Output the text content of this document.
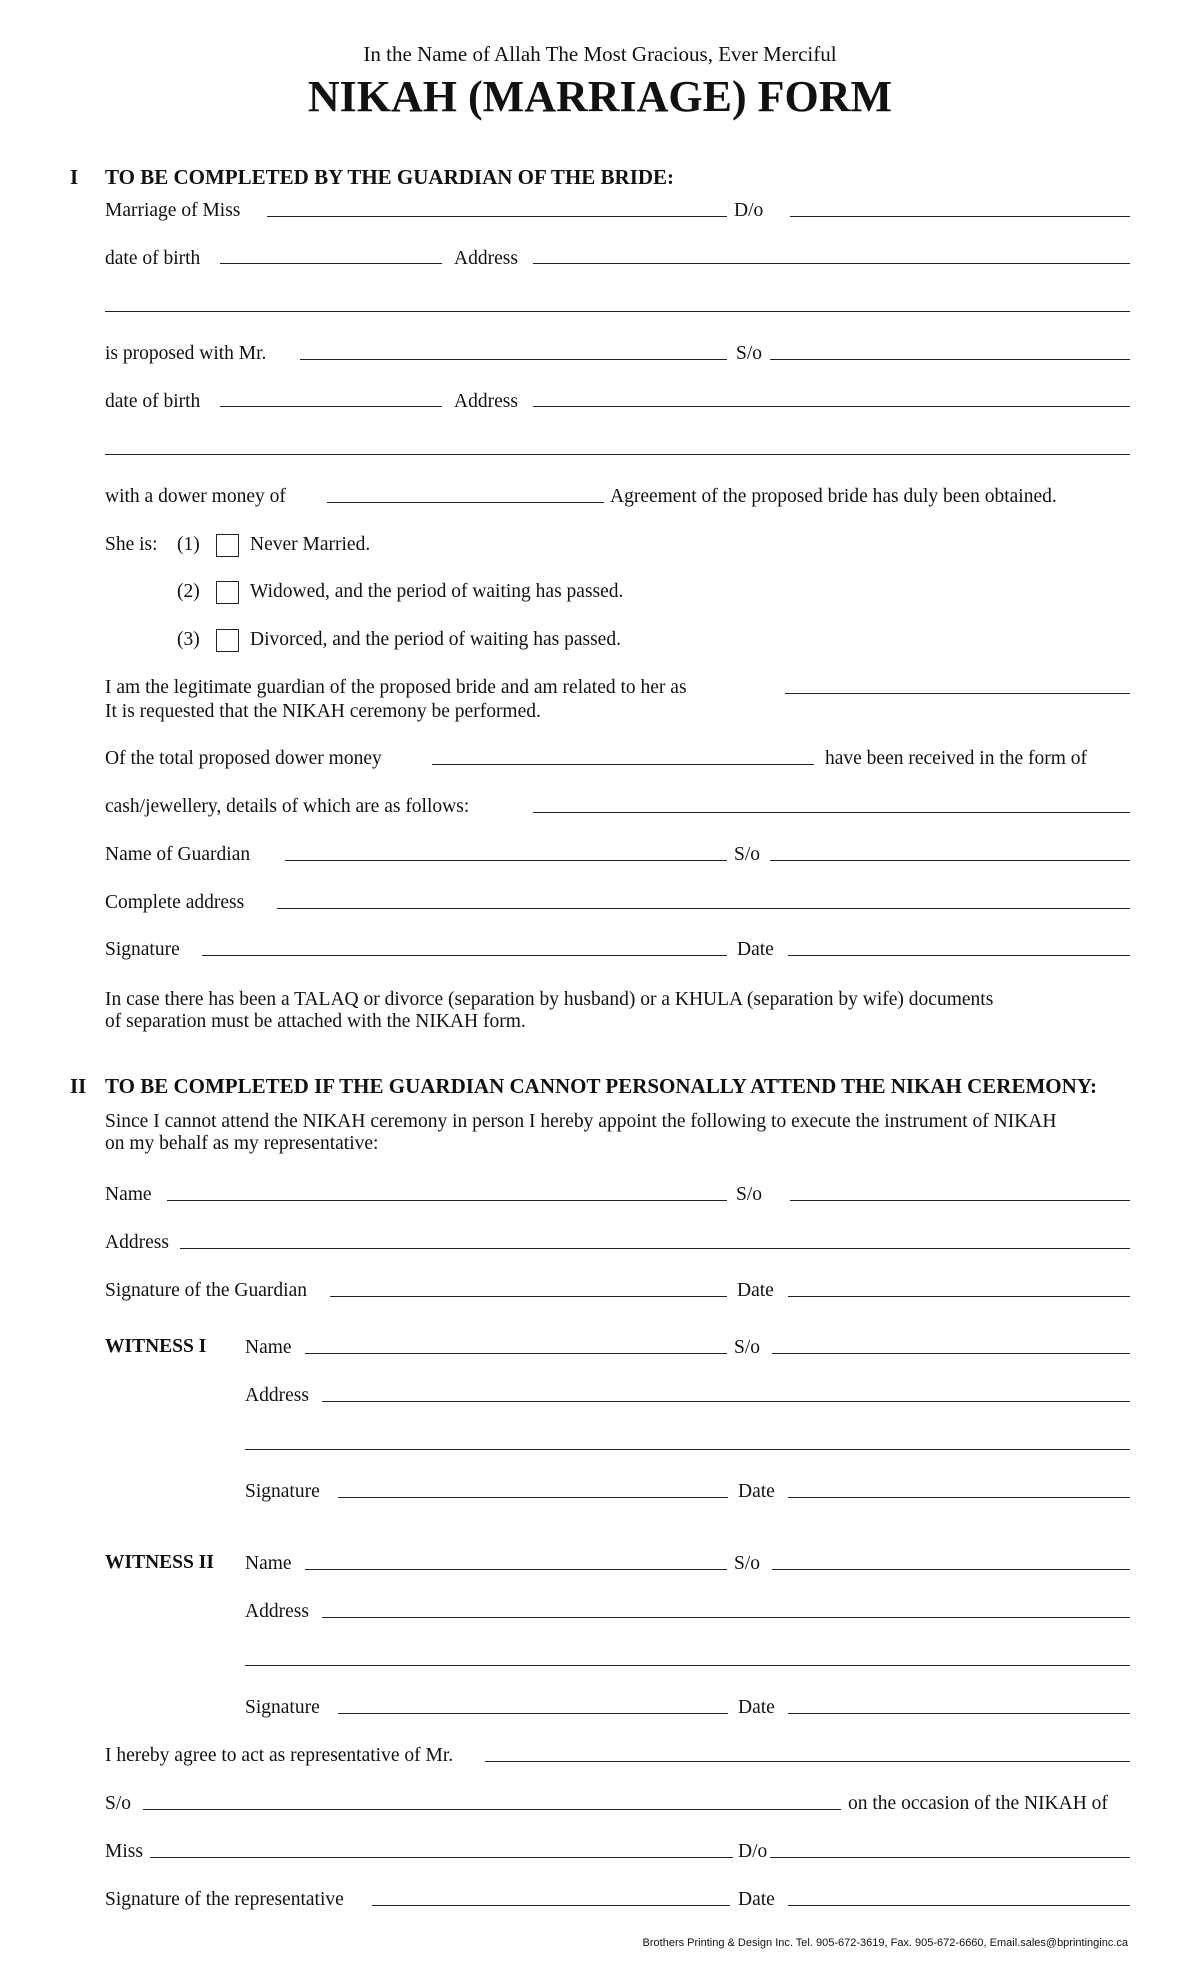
In the Name of Allah The Most Gracious, Ever Merciful
NIKAH (MARRIAGE) FORM
I TO BE COMPLETED BY THE GUARDIAN OF THE BRIDE:
Marriage of Miss	D/o
date of birth	Address
is proposed with Mr.	S/o
date of birth	Address
with a dower money of	Agreement of the proposed bride has duly been obtained.
She is: (1)	Never Married.
(2)	Widowed, and the period of waiting has passed.
(3)	Divorced, and the period of waiting has passed.
I am the legitimate guardian of the proposed bride and am related to her as
It is requested that the NIKAH ceremony be performed.
Of the total proposed dower money	have been received in the form of
cash/jewellery, details of which are as follows:
Name of Guardian	S/o
Complete address
Signature	Date
In case there has been a TALAQ or divorce (separation by husband) or a KHULA (separation by wife) documents
of separation must be attached with the NIKAH form.
II TO BE COMPLETED IF THE GUARDIAN CANNOT PERSONALLY ATTEND THE NIKAH CEREMONY:
Since I cannot attend the NIKAH ceremony in person I hereby appoint the following to execute the instrument of NIKAH
on my behalf as my representative:
Name	S/o
Address
Signature of the Guardian	Date
WITNESS I Name	S/o
Address
Signature	Date
WITNESS II Name	S/o
Address
Signature	Date
I hereby agree to act as representative of Mr.
S/o	on the occasion of the NIKAH of
Miss	D/o
Signature of the representative	Date
Brothers Printing & Design Inc. Tel. 905-672-3619, Fax. 905-672-6660, Email.sales@bprintinginc.ca
